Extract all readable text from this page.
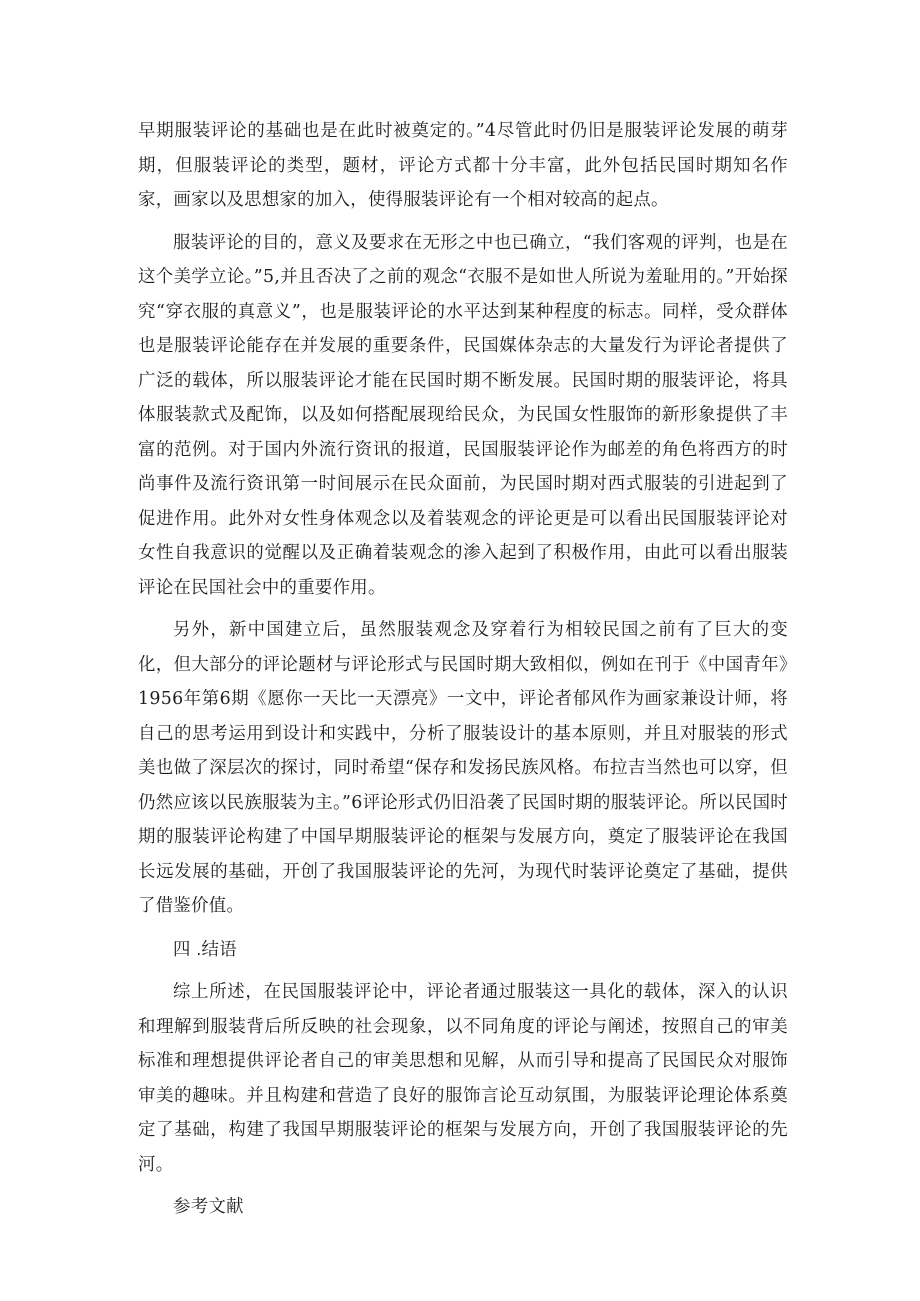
早期服装评论的基础也是在此时被奠定的。”4尽管此时仍旧是服装评论发展的萌芽期，但服装评论的类型，题材，评论方式都十分丰富，此外包括民国时期知名作家，画家以及思想家的加入，使得服装评论有一个相对较高的起点。

服装评论的目的，意义及要求在无形之中也已确立，“我们客观的评判，也是在这个美学立论。”5,并且否决了之前的观念“衣服不是如世人所说为羞耻用的。”开始探究“穿衣服的真意义”，也是服装评论的水平达到某种程度的标志。同样，受众群体也是服装评论能存在并发展的重要条件，民国媒体杂志的大量发行为评论者提供了广泛的载体，所以服装评论才能在民国时期不断发展。民国时期的服装评论，将具体服装款式及配饰，以及如何搭配展现给民众，为民国女性服饰的新形象提供了丰富的范例。对于国内外流行资讯的报道，民国服装评论作为邮差的角色将西方的时尚事件及流行资讯第一时间展示在民众面前，为民国时期对西式服装的引进起到了促进作用。此外对女性身体观念以及着装观念的评论更是可以看出民国服装评论对女性自我意识的觉醒以及正确着装观念的渗入起到了积极作用，由此可以看出服装评论在民国社会中的重要作用。

另外，新中国建立后，虽然服装观念及穿着行为相较民国之前有了巨大的变化，但大部分的评论题材与评论形式与民国时期大致相似，例如在刊于《中国青年》1956年第6期《愿你一天比一天漂亮》一文中，评论者郁风作为画家兼设计师，将自己的思考运用到设计和实践中，分析了服装设计的基本原则，并且对服装的形式美也做了深层次的探讨，同时希望“保存和发扬民族风格。布拉吉当然也可以穿，但仍然应该以民族服装为主。”6评论形式仍旧沿袭了民国时期的服装评论。所以民国时期的服装评论构建了中国早期服装评论的框架与发展方向，奠定了服装评论在我国长远发展的基础，开创了我国服装评论的先河，为现代时装评论奠定了基础，提供了借鉴价值。

四.结语

综上所述，在民国服装评论中，评论者通过服装这一具化的载体，深入的认识和理解到服装背后所反映的社会现象，以不同角度的评论与阐述，按照自己的审美标准和理想提供评论者自己的审美思想和见解，从而引导和提高了民国民众对服饰审美的趣味。并且构建和营造了良好的服饰言论互动氛围，为服装评论理论体系奠定了基础，构建了我国早期服装评论的框架与发展方向，开创了我国服装评论的先河。

参考文献
